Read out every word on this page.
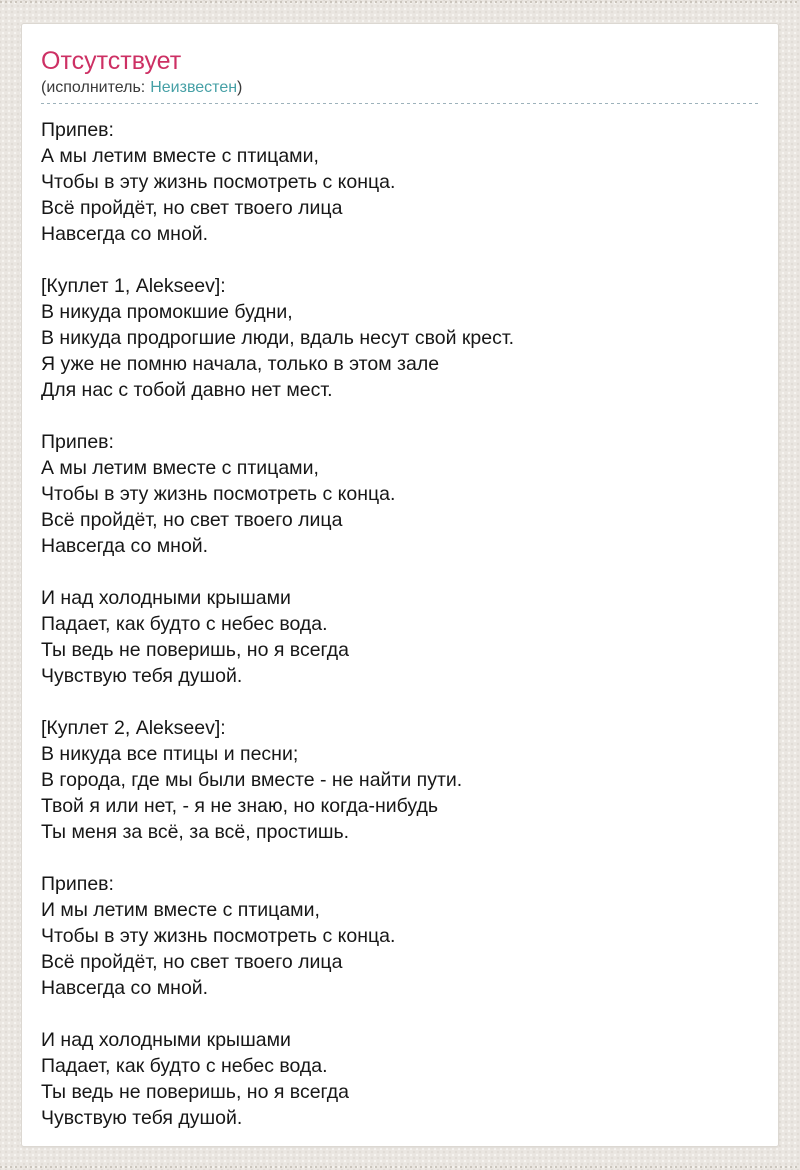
Отсутствует
(исполнитель: Неизвестен)
Припев:
А мы летим вместе с птицами,
Чтобы в эту жизнь посмотреть с конца.
Всё пройдёт, но свет твоего лица
Навсегда со мной.
[Куплет 1, Alekseev]:
В никуда промокшие будни,
В никуда продрогшие люди, вдаль несут свой крест.
Я уже не помню начала, только в этом зале
Для нас с тобой давно нет мест.
Припев:
А мы летим вместе с птицами,
Чтобы в эту жизнь посмотреть с конца.
Всё пройдёт, но свет твоего лица
Навсегда со мной.
И над холодными крышами
Падает, как будто с небес вода.
Ты ведь не поверишь, но я всегда
Чувствую тебя душой.
[Куплет 2, Alekseev]:
В никуда все птицы и песни;
В города, где мы были вместе - не найти пути.
Твой я или нет, - я не знаю, но когда-нибудь
Ты меня за всё, за всё, простишь.
Припев:
И мы летим вместе с птицами,
Чтобы в эту жизнь посмотреть с конца.
Всё пройдёт, но свет твоего лица
Навсегда со мной.
И над холодными крышами
Падает, как будто с небес вода.
Ты ведь не поверишь, но я всегда
Чувствую тебя душой.
